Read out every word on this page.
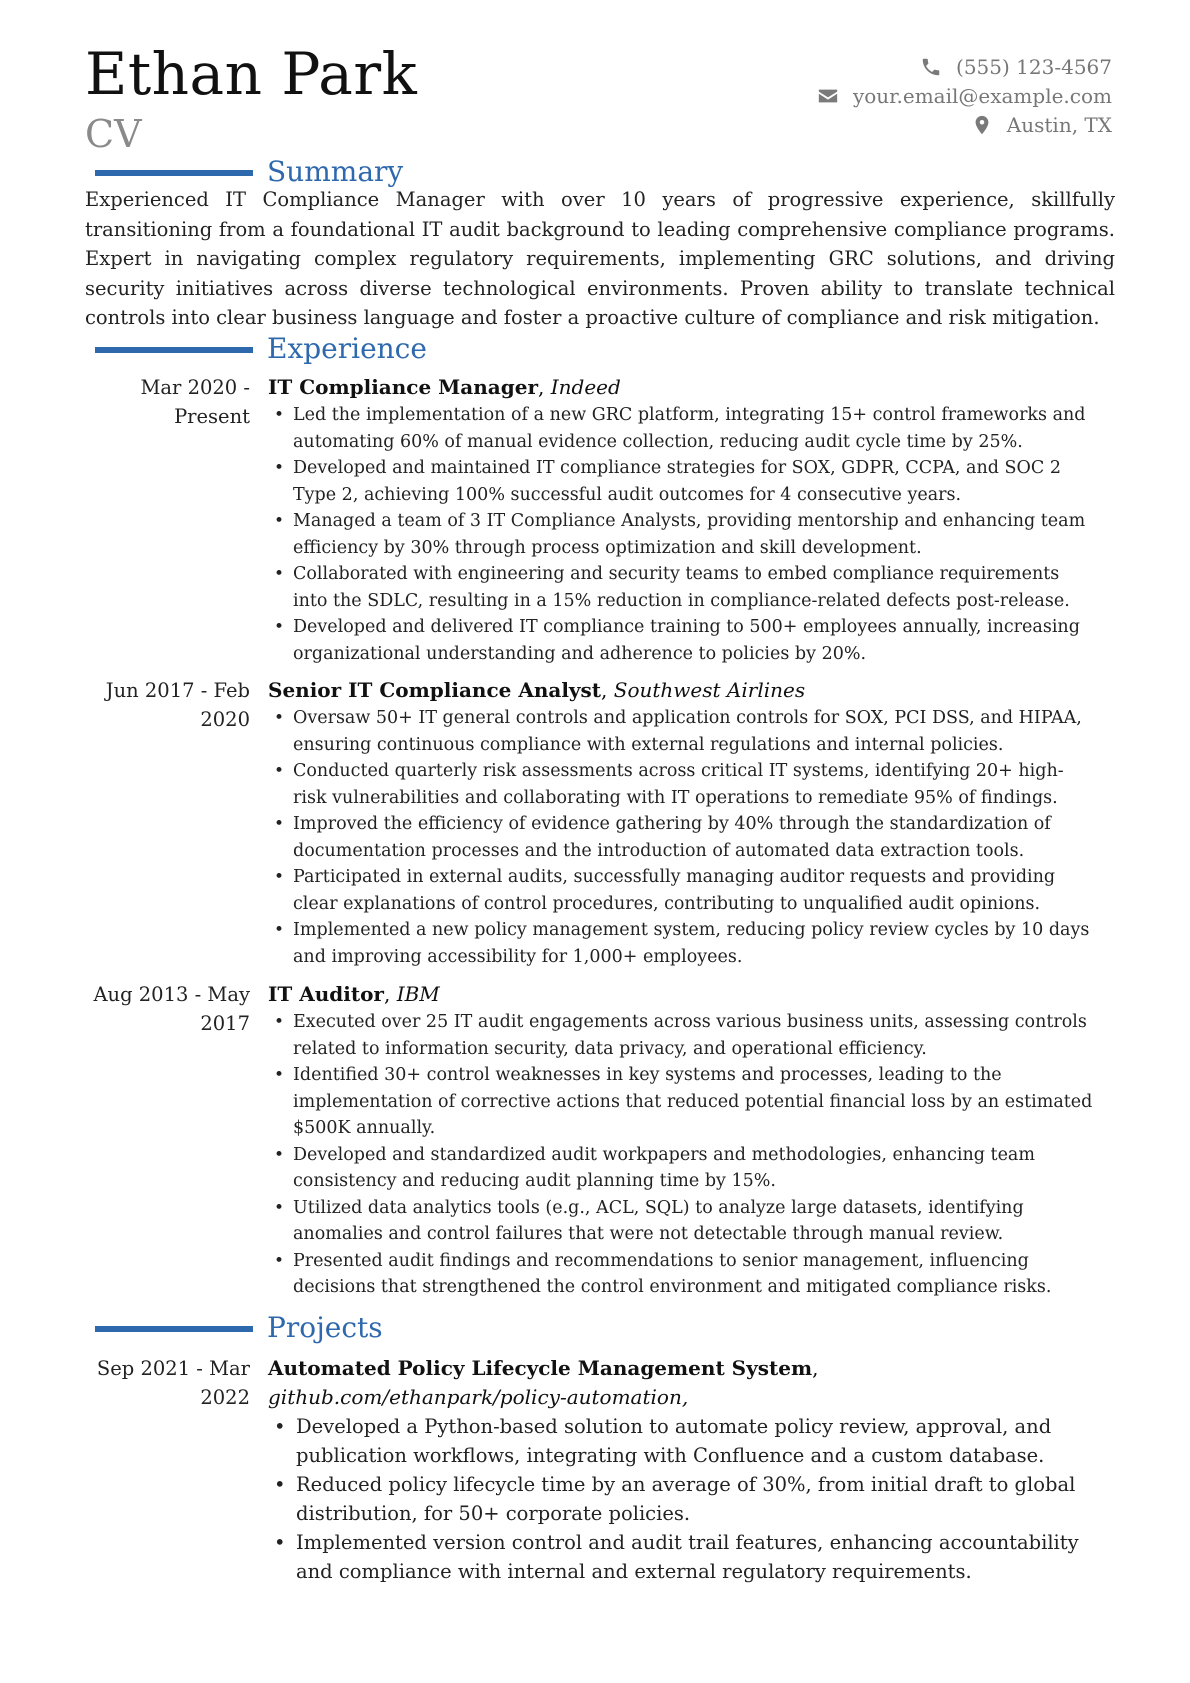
Ethan Park
CV
(555) 123-4567
your.email@example.com
Austin, TX
Summary
Experienced IT Compliance Manager with over 10 years of progressive experience, skillfully transitioning from a foundational IT audit background to leading comprehensive compliance programs. Expert in navigating complex regulatory requirements, implementing GRC solutions, and driving security initiatives across diverse technological environments. Proven ability to translate technical controls into clear business language and foster a proactive culture of compliance and risk mitigation.
Experience
Mar 2020 - Present
IT Compliance Manager, Indeed
• Led the implementation of a new GRC platform, integrating 15+ control frameworks and automating 60% of manual evidence collection, reducing audit cycle time by 25%.
• Developed and maintained IT compliance strategies for SOX, GDPR, CCPA, and SOC 2 Type 2, achieving 100% successful audit outcomes for 4 consecutive years.
• Managed a team of 3 IT Compliance Analysts, providing mentorship and enhancing team efficiency by 30% through process optimization and skill development.
• Collaborated with engineering and security teams to embed compliance requirements into the SDLC, resulting in a 15% reduction in compliance-related defects post-release.
• Developed and delivered IT compliance training to 500+ employees annually, increasing organizational understanding and adherence to policies by 20%.
Jun 2017 - Feb 2020
Senior IT Compliance Analyst, Southwest Airlines
• Oversaw 50+ IT general controls and application controls for SOX, PCI DSS, and HIPAA, ensuring continuous compliance with external regulations and internal policies.
• Conducted quarterly risk assessments across critical IT systems, identifying 20+ high-risk vulnerabilities and collaborating with IT operations to remediate 95% of findings.
• Improved the efficiency of evidence gathering by 40% through the standardization of documentation processes and the introduction of automated data extraction tools.
• Participated in external audits, successfully managing auditor requests and providing clear explanations of control procedures, contributing to unqualified audit opinions.
• Implemented a new policy management system, reducing policy review cycles by 10 days and improving accessibility for 1,000+ employees.
Aug 2013 - May 2017
IT Auditor, IBM
• Executed over 25 IT audit engagements across various business units, assessing controls related to information security, data privacy, and operational efficiency.
• Identified 30+ control weaknesses in key systems and processes, leading to the implementation of corrective actions that reduced potential financial loss by an estimated $500K annually.
• Developed and standardized audit workpapers and methodologies, enhancing team consistency and reducing audit planning time by 15%.
• Utilized data analytics tools (e.g., ACL, SQL) to analyze large datasets, identifying anomalies and control failures that were not detectable through manual review.
• Presented audit findings and recommendations to senior management, influencing decisions that strengthened the control environment and mitigated compliance risks.
Projects
Sep 2021 - Mar 2022
Automated Policy Lifecycle Management System, github.com/ethanpark/policy-automation,
• Developed a Python-based solution to automate policy review, approval, and publication workflows, integrating with Confluence and a custom database.
• Reduced policy lifecycle time by an average of 30%, from initial draft to global distribution, for 50+ corporate policies.
• Implemented version control and audit trail features, enhancing accountability and compliance with internal and external regulatory requirements.
